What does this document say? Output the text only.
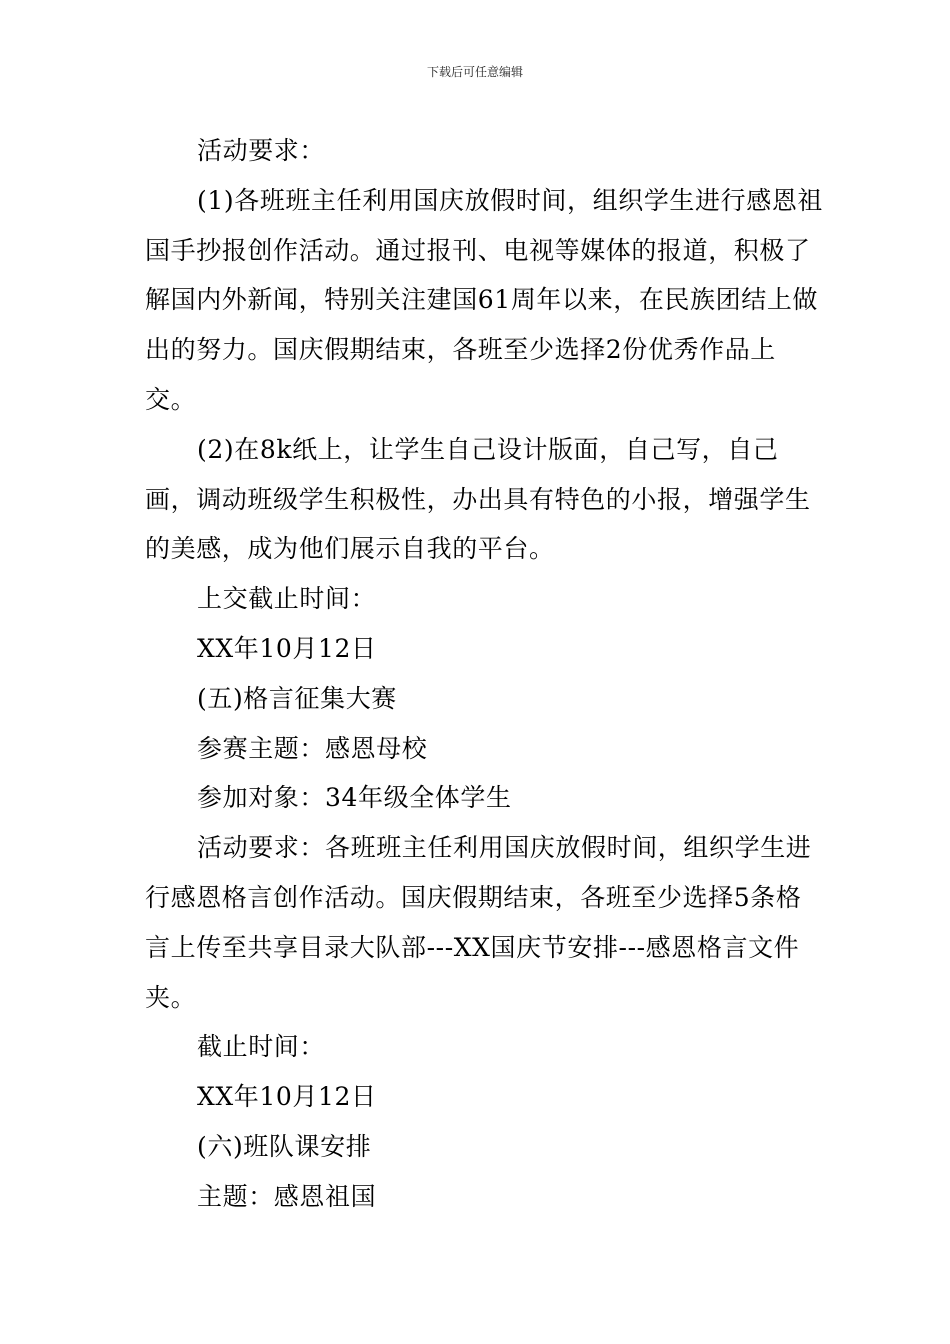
下载后可任意编辑

活动要求：

(1)各班班主任利用国庆放假时间，组织学生进行感恩祖国手抄报创作活动。通过报刊、电视等媒体的报道，积极了解国内外新闻，特别关注建国61周年以来，在民族团结上做出的努力。国庆假期结束，各班至少选择2份优秀作品上交。

(2)在8k纸上，让学生自己设计版面，自己写，自己画，调动班级学生积极性，办出具有特色的小报，增强学生的美感，成为他们展示自我的平台。

上交截止时间：

XX年10月12日

(五)格言征集大赛

参赛主题：感恩母校

参加对象：34年级全体学生

活动要求：各班班主任利用国庆放假时间，组织学生进行感恩格言创作活动。国庆假期结束，各班至少选择5条格言上传至共享目录大队部---XX国庆节安排---感恩格言文件夹。

截止时间：

XX年10月12日

(六)班队课安排

主题：感恩祖国
